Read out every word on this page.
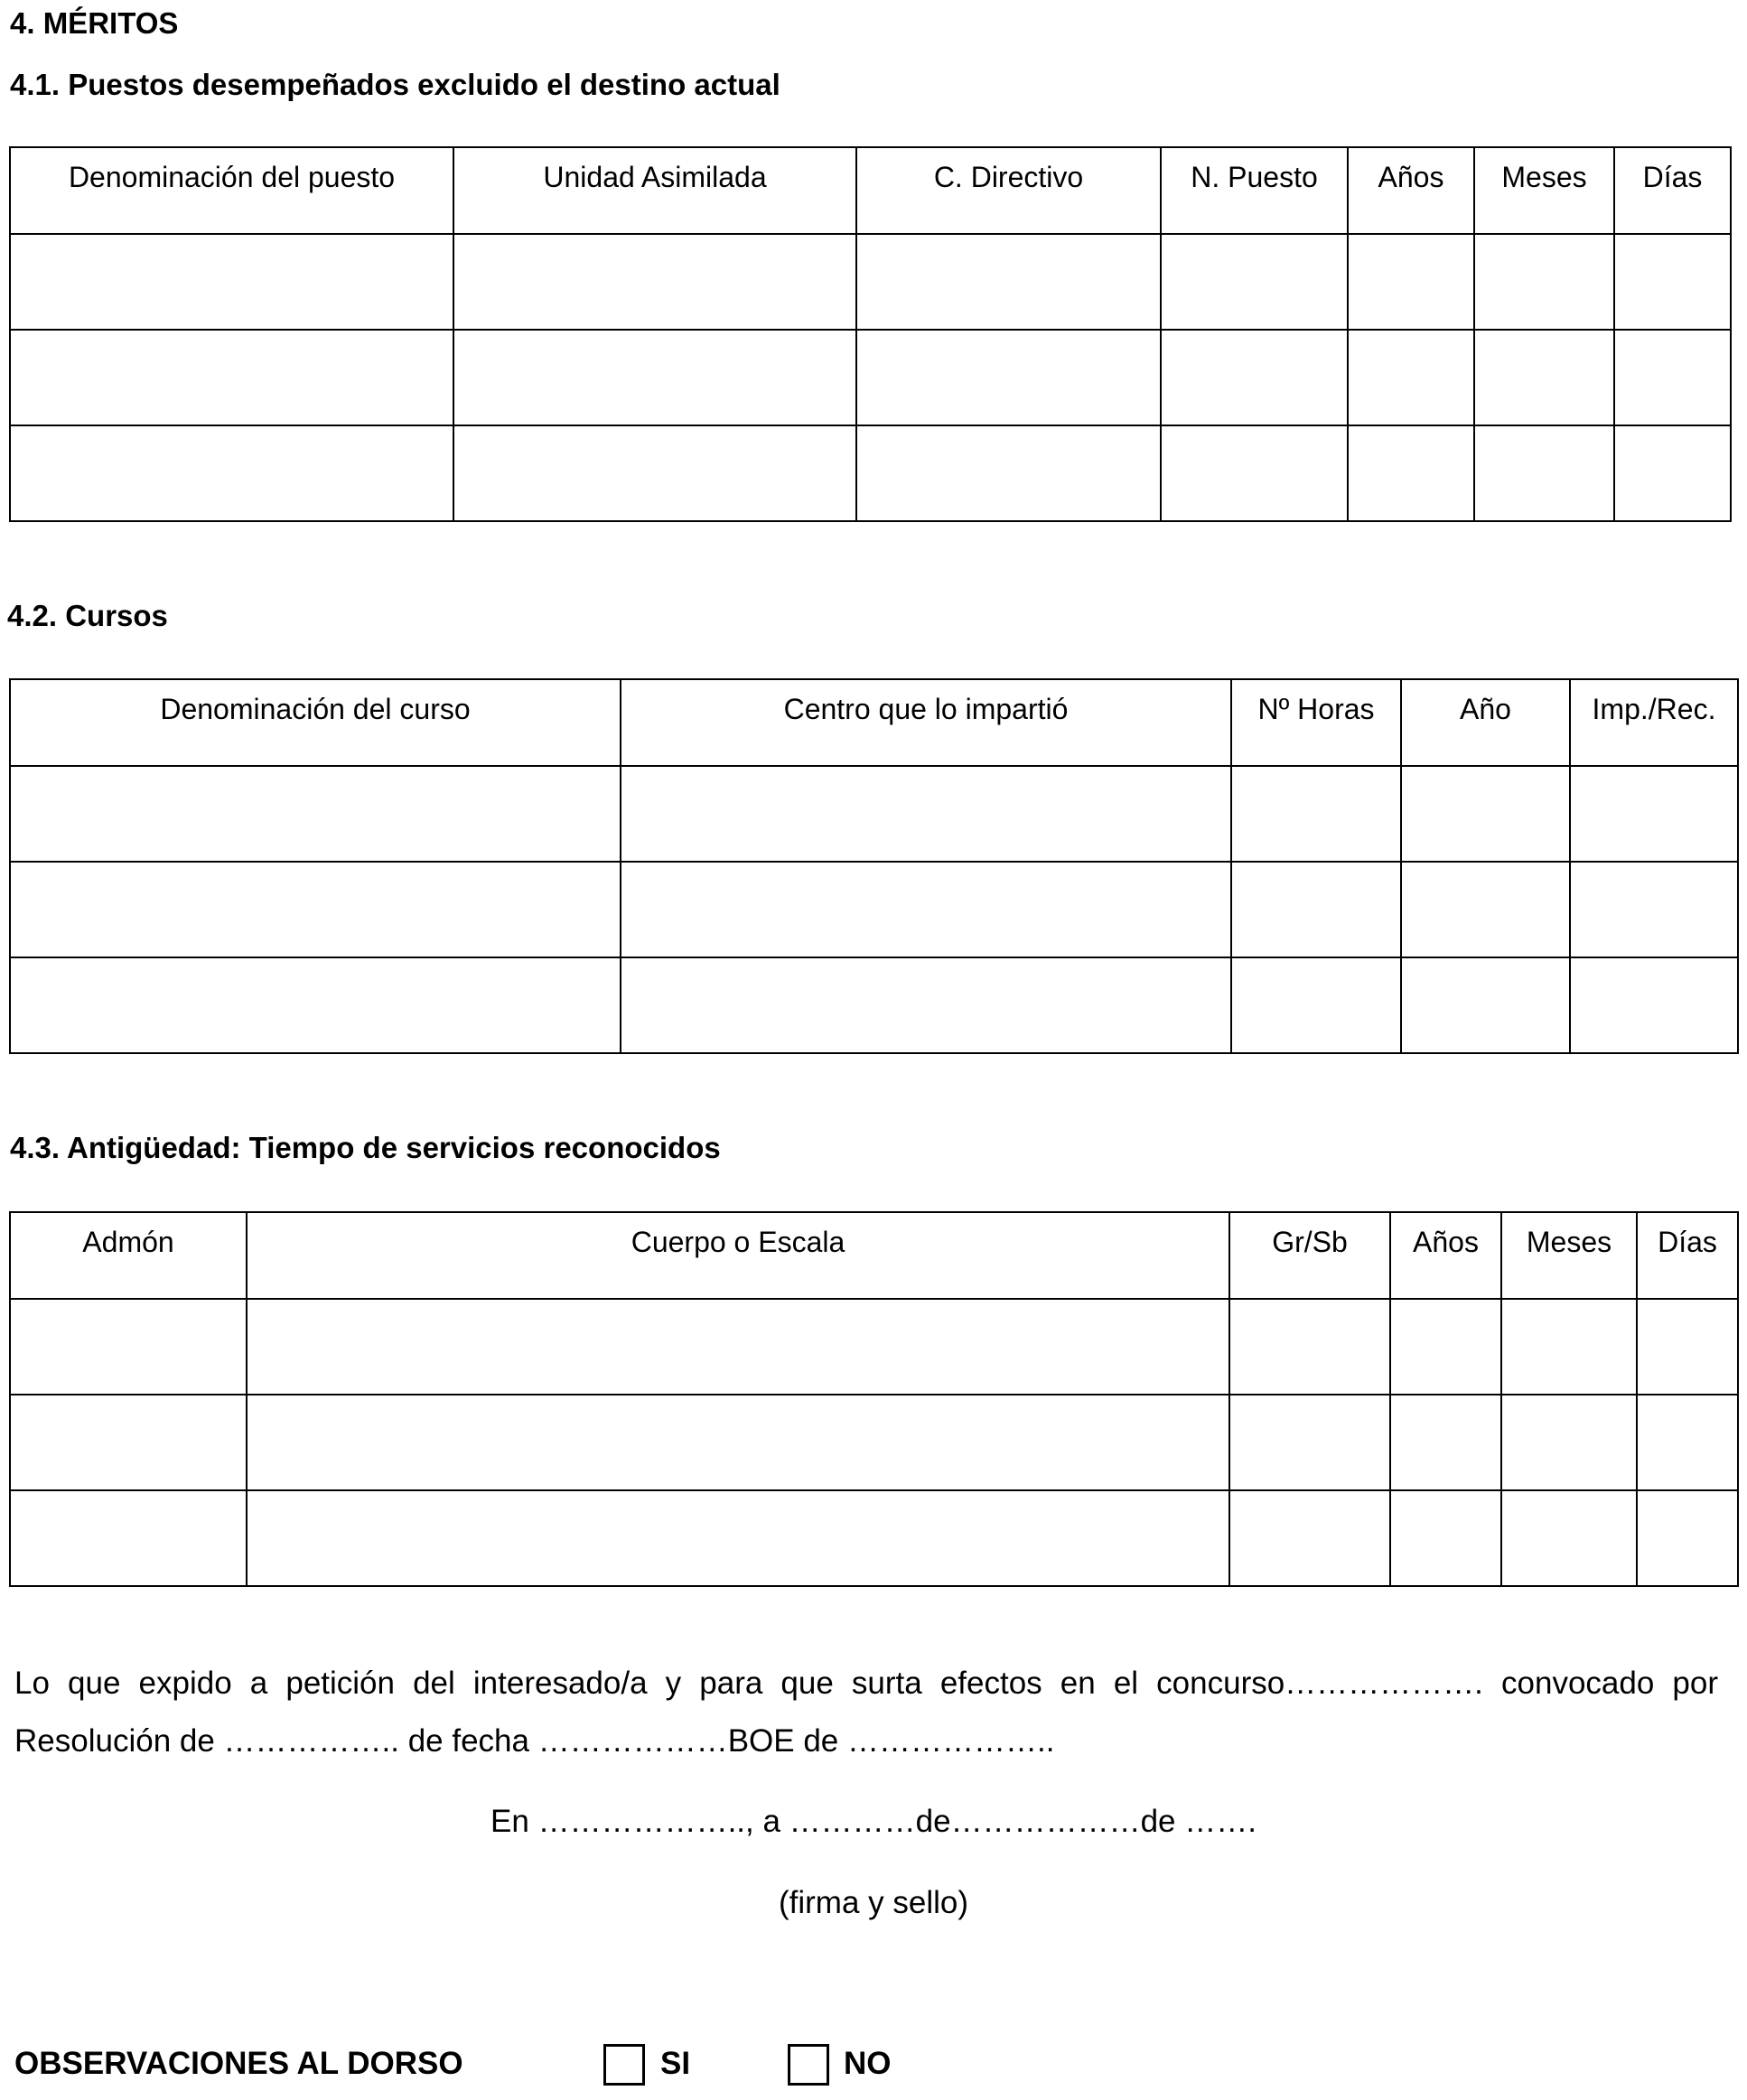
4. MÉRITOS
4.1. Puestos desempeñados excluido el destino actual
Denominación del puesto	Unidad Asimilada	C. Directivo	N. Puesto	Años	Meses	Días

4.2. Cursos
Denominación del curso	Centro que lo impartió	Nº Horas	Año	Imp./Rec.

4.3. Antigüedad: Tiempo de servicios reconocidos
Admón	Cuerpo o Escala	Gr/Sb	Años	Meses	Días

Lo que expido a petición del interesado/a y para que surta efectos en el concurso………………. convocado por Resolución de …………….. de fecha ………………BOE de ………………..
En ……………….., a …………de………………de …….
(firma y sello)
OBSERVACIONES AL DORSO	SI	NO
